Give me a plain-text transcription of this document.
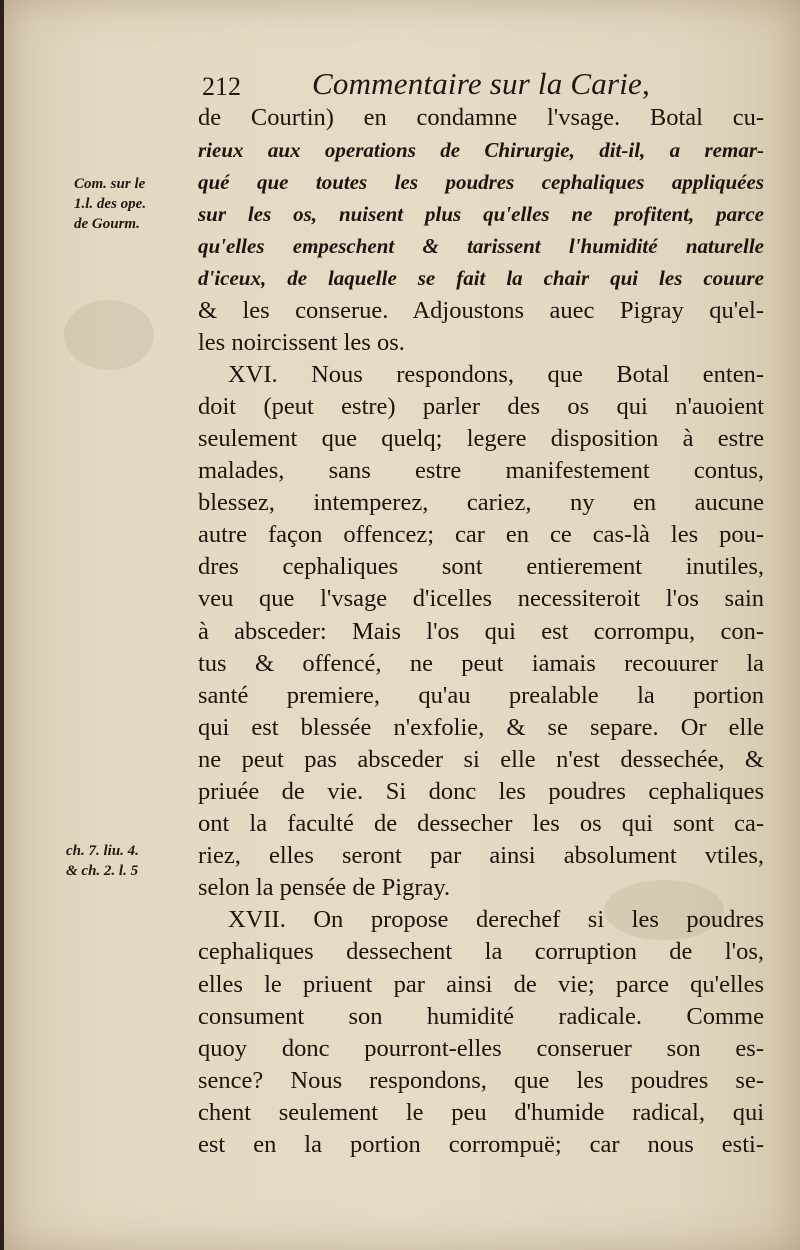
212 Commentaire sur la Carie,
Com. sur le
1.l. des ope.
de Gourm.
ch. 7. liu. 4.
& ch. 2. l. 5
de Courtin) en condamne l'vsage. Botal cu-
rieux aux operations de Chirurgie, dit-il, a remar-
qué que toutes les poudres cephaliques appliquées
sur les os, nuisent plus qu'elles ne profitent, parce
qu'elles empeschent & tarissent l'humidité naturelle
d'iceux, de laquelle se fait la chair qui les couure
& les conserue. Adjoustons auec Pigray qu'el-
les noircissent les os.
XVI. Nous respondons, que Botal enten-
doit (peut estre) parler des os qui n'auoient
seulement que quelq; legere disposition à estre
malades, sans estre manifestement contus,
blessez, intemperez, cariez, ny en aucune
autre façon offencez; car en ce cas-là les pou-
dres cephaliques sont entierement inutiles,
veu que l'vsage d'icelles necessiteroit l'os sain
à absceder: Mais l'os qui est corrompu, con-
tus & offencé, ne peut iamais recouurer la
santé premiere, qu'au prealable la portion
qui est blessée n'exfolie, & se separe. Or elle
ne peut pas absceder si elle n'est dessechée, &
priuée de vie. Si donc les poudres cephaliques
ont la faculté de dessecher les os qui sont ca-
riez, elles seront par ainsi absolument vtiles,
selon la pensée de Pigray.
XVII. On propose derechef si les poudres
cephaliques dessechent la corruption de l'os,
elles le priuent par ainsi de vie; parce qu'elles
consument son humidité radicale. Comme
quoy donc pourront-elles conseruer son es-
sence? Nous respondons, que les poudres se-
chent seulement le peu d'humide radical, qui
est en la portion corrompuë; car nous esti-
